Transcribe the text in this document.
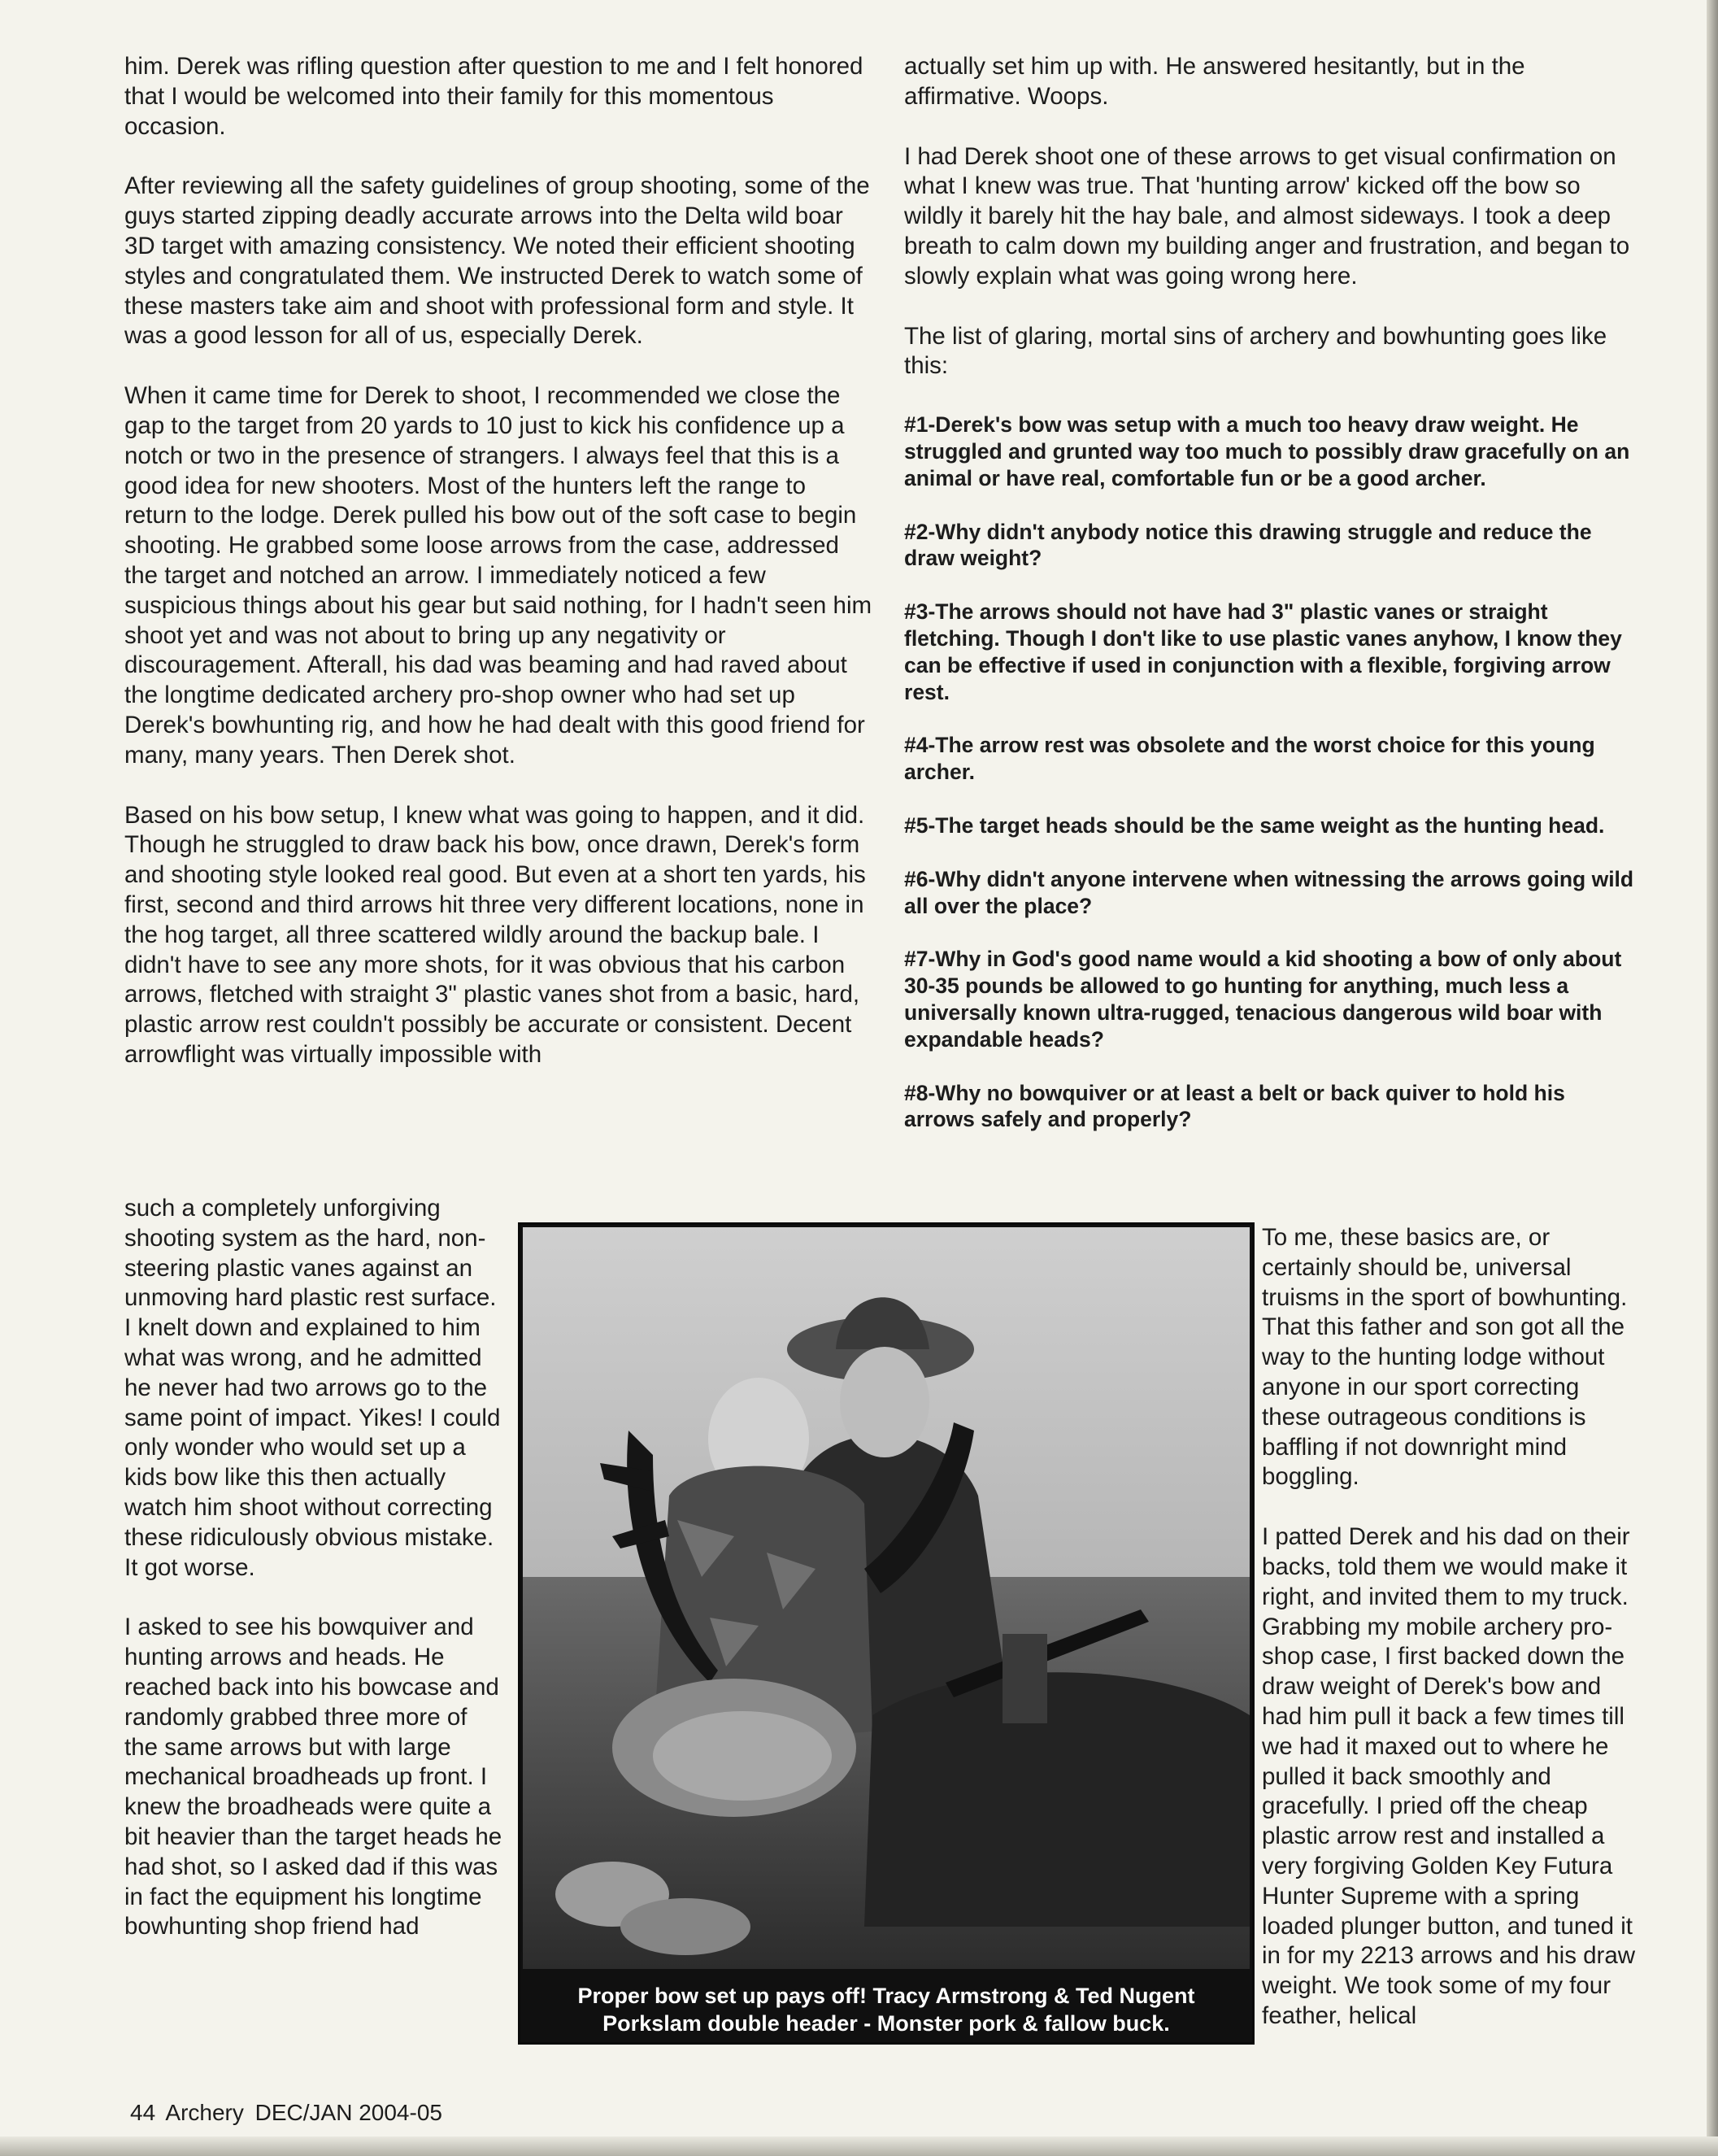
him. Derek was rifling question after question to me and I felt honored that I would be welcomed into their family for this momentous occasion.

After reviewing all the safety guidelines of group shooting, some of the guys started zipping deadly accurate arrows into the Delta wild boar 3D target with amazing consistency. We noted their efficient shooting styles and congratulated them. We instructed Derek to watch some of these masters take aim and shoot with professional form and style. It was a good lesson for all of us, especially Derek.

When it came time for Derek to shoot, I recommended we close the gap to the target from 20 yards to 10 just to kick his confidence up a notch or two in the presence of strangers. I always feel that this is a good idea for new shooters. Most of the hunters left the range to return to the lodge. Derek pulled his bow out of the soft case to begin shooting. He grabbed some loose arrows from the case, addressed the target and notched an arrow. I immediately noticed a few suspicious things about his gear but said nothing, for I hadn't seen him shoot yet and was not about to bring up any negativity or discouragement. Afterall, his dad was beaming and had raved about the longtime dedicated archery pro-shop owner who had set up Derek's bowhunting rig, and how he had dealt with this good friend for many, many years. Then Derek shot.

Based on his bow setup, I knew what was going to happen, and it did. Though he struggled to draw back his bow, once drawn, Derek's form and shooting style looked real good. But even at a short ten yards, his first, second and third arrows hit three very different locations, none in the hog target, all three scattered wildly around the backup bale. I didn't have to see any more shots, for it was obvious that his carbon arrows, fletched with straight 3" plastic vanes shot from a basic, hard, plastic arrow rest couldn't possibly be accurate or consistent. Decent arrowflight was virtually impossible with

such a completely unforgiving shooting system as the hard, non-steering plastic vanes against an unmoving hard plastic rest surface. I knelt down and explained to him what was wrong, and he admitted he never had two arrows go to the same point of impact. Yikes! I could only wonder who would set up a kids bow like this then actually watch him shoot without correcting these ridiculously obvious mistake. It got worse.

I asked to see his bowquiver and hunting arrows and heads. He reached back into his bowcase and randomly grabbed three more of the same arrows but with large mechanical broadheads up front. I knew the broadheads were quite a bit heavier than the target heads he had shot, so I asked dad if this was in fact the equipment his longtime bowhunting shop friend had

actually set him up with. He answered hesitantly, but in the affirmative. Woops.

I had Derek shoot one of these arrows to get visual confirmation on what I knew was true. That 'hunting arrow' kicked off the bow so wildly it barely hit the hay bale, and almost sideways. I took a deep breath to calm down my building anger and frustration, and began to slowly explain what was going wrong here.

The list of glaring, mortal sins of archery and bowhunting goes like this:

#1-Derek's bow was setup with a much too heavy draw weight. He struggled and grunted way too much to possibly draw gracefully on an animal or have real, comfortable fun or be a good archer.

#2-Why didn't anybody notice this drawing struggle and reduce the draw weight?

#3-The arrows should not have had 3" plastic vanes or straight fletching. Though I don't like to use plastic vanes anyhow, I know they can be effective if used in conjunction with a flexible, forgiving arrow rest.

#4-The arrow rest was obsolete and the worst choice for this young archer.

#5-The target heads should be the same weight as the hunting head.

#6-Why didn't anyone intervene when witnessing the arrows going wild all over the place?

#7-Why in God's good name would a kid shooting a bow of only about 30-35 pounds be allowed to go hunting for anything, much less a universally known ultra-rugged, tenacious dangerous wild boar with expandable heads?

#8-Why no bowquiver or at least a belt or back quiver to hold his arrows safely and properly?

To me, these basics are, or certainly should be, universal truisms in the sport of bowhunting. That this father and son got all the way to the hunting lodge without anyone in our sport correcting these outrageous conditions is baffling if not downright mind boggling.

I patted Derek and his dad on their backs, told them we would make it right, and invited them to my truck. Grabbing my mobile archery pro-shop case, I first backed down the draw weight of Derek's bow and had him pull it back a few times till we had it maxed out to where he pulled it back smoothly and gracefully. I pried off the cheap plastic arrow rest and installed a very forgiving Golden Key Futura Hunter Supreme with a spring loaded plunger button, and tuned it in for my 2213 arrows and his draw weight. We took some of my four feather, helical

Proper bow set up pays off! Tracy Armstrong & Ted Nugent
Porkslam double header - Monster pork & fallow buck.
44 Archery DEC/JAN 2004-05
